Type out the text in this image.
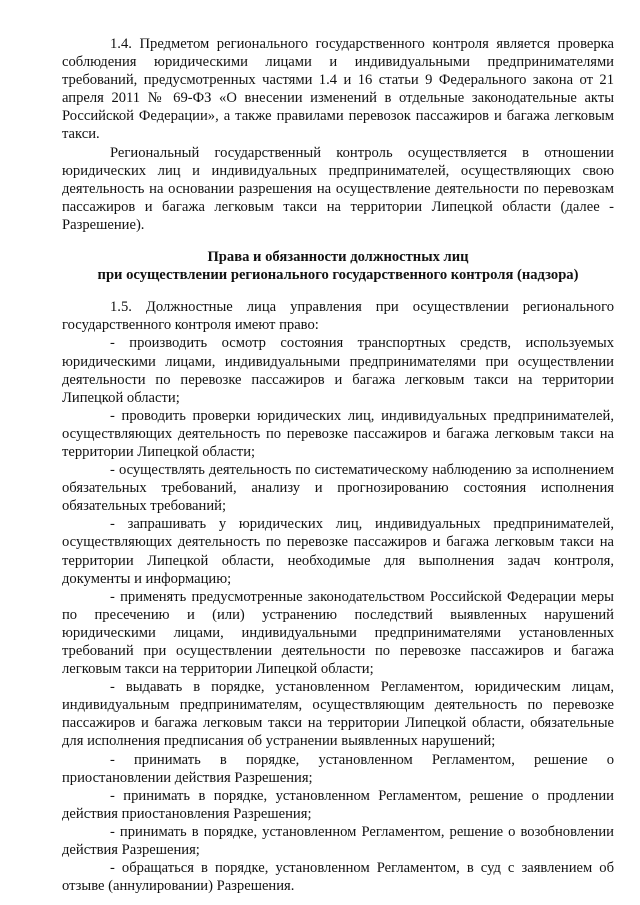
1.4. Предметом регионального государственного контроля является проверка соблюдения юридическими лицами и индивидуальными предпринимателями требований, предусмотренных частями 1.4 и 16 статьи 9 Федерального закона от 21 апреля 2011 № 69-ФЗ «О внесении изменений в отдельные законодательные акты Российской Федерации», а также правилами перевозок пассажиров и багажа легковым такси.

Региональный государственный контроль осуществляется в отношении юридических лиц и индивидуальных предпринимателей, осуществляющих свою деятельность на основании разрешения на осуществление деятельности по перевозкам пассажиров и багажа легковым такси на территории Липецкой области (далее - Разрешение).

Права и обязанности должностных лиц
при осуществлении регионального государственного контроля (надзора)

1.5. Должностные лица управления при осуществлении регионального государственного контроля имеют право:

- производить осмотр состояния транспортных средств, используемых юридическими лицами, индивидуальными предпринимателями при осуществлении деятельности по перевозке пассажиров и багажа легковым такси на территории Липецкой области;

- проводить проверки юридических лиц, индивидуальных предпринимателей, осуществляющих деятельность по перевозке пассажиров и багажа легковым такси на территории Липецкой области;

- осуществлять деятельность по систематическому наблюдению за исполнением обязательных требований, анализу и прогнозированию состояния исполнения обязательных требований;

- запрашивать у юридических лиц, индивидуальных предпринимателей, осуществляющих деятельность по перевозке пассажиров и багажа легковым такси на территории Липецкой области, необходимые для выполнения задач контроля, документы и информацию;

- применять предусмотренные законодательством Российской Федерации меры по пресечению и (или) устранению последствий выявленных нарушений юридическими лицами, индивидуальными предпринимателями установленных требований при осуществлении деятельности по перевозке пассажиров и багажа легковым такси на территории Липецкой области;

- выдавать в порядке, установленном Регламентом, юридическим лицам, индивидуальным предпринимателям, осуществляющим деятельность по перевозке пассажиров и багажа легковым такси на территории Липецкой области, обязательные для исполнения предписания об устранении выявленных нарушений;

- принимать в порядке, установленном Регламентом, решение о приостановлении действия Разрешения;

- принимать в порядке, установленном Регламентом, решение о продлении действия приостановления Разрешения;

- принимать в порядке, установленном Регламентом, решение о возобновлении действия Разрешения;

- обращаться в порядке, установленном Регламентом, в суд с заявлением об отзыве (аннулировании) Разрешения.
